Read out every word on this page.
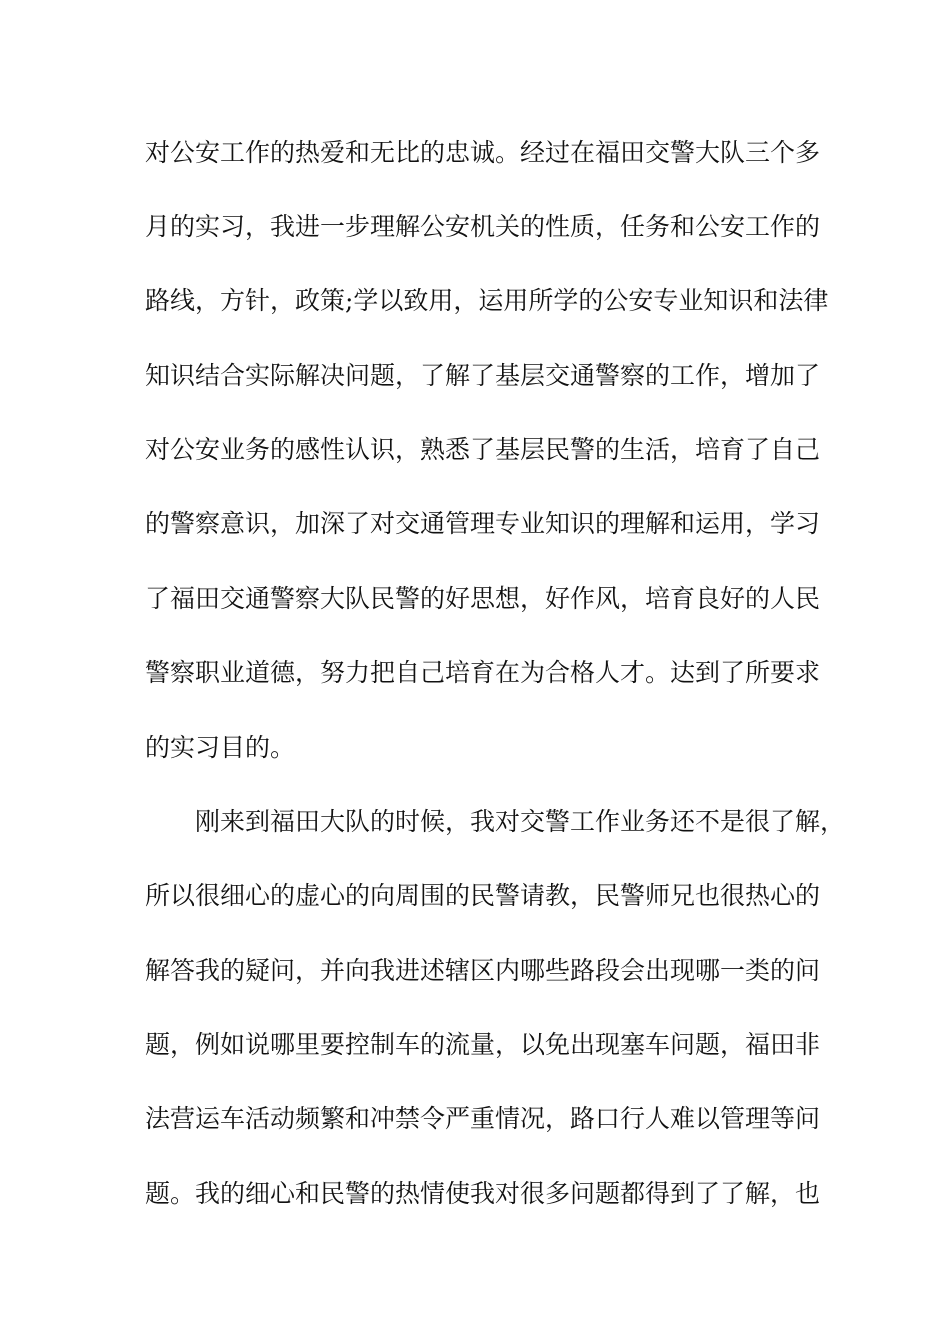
对公安工作的热爱和无比的忠诚。经过在福田交警大队三个多

月的实习，我进一步理解公安机关的性质，任务和公安工作的

路线，方针，政策;学以致用，运用所学的公安专业知识和法律

知识结合实际解决问题，了解了基层交通警察的工作，增加了

对公安业务的感性认识，熟悉了基层民警的生活，培育了自己

的警察意识，加深了对交通管理专业知识的理解和运用，学习

了福田交通警察大队民警的好思想，好作风，培育良好的人民

警察职业道德，努力把自己培育在为合格人才。达到了所要求

的实习目的。

刚来到福田大队的时候，我对交警工作业务还不是很了解，

所以很细心的虚心的向周围的民警请教，民警师兄也很热心的

解答我的疑问，并向我进述辖区内哪些路段会出现哪一类的问

题，例如说哪里要控制车的流量，以免出现塞车问题，福田非

法营运车活动频繁和冲禁令严重情况，路口行人难以管理等问

题。我的细心和民警的热情使我对很多问题都得到了了解，也
